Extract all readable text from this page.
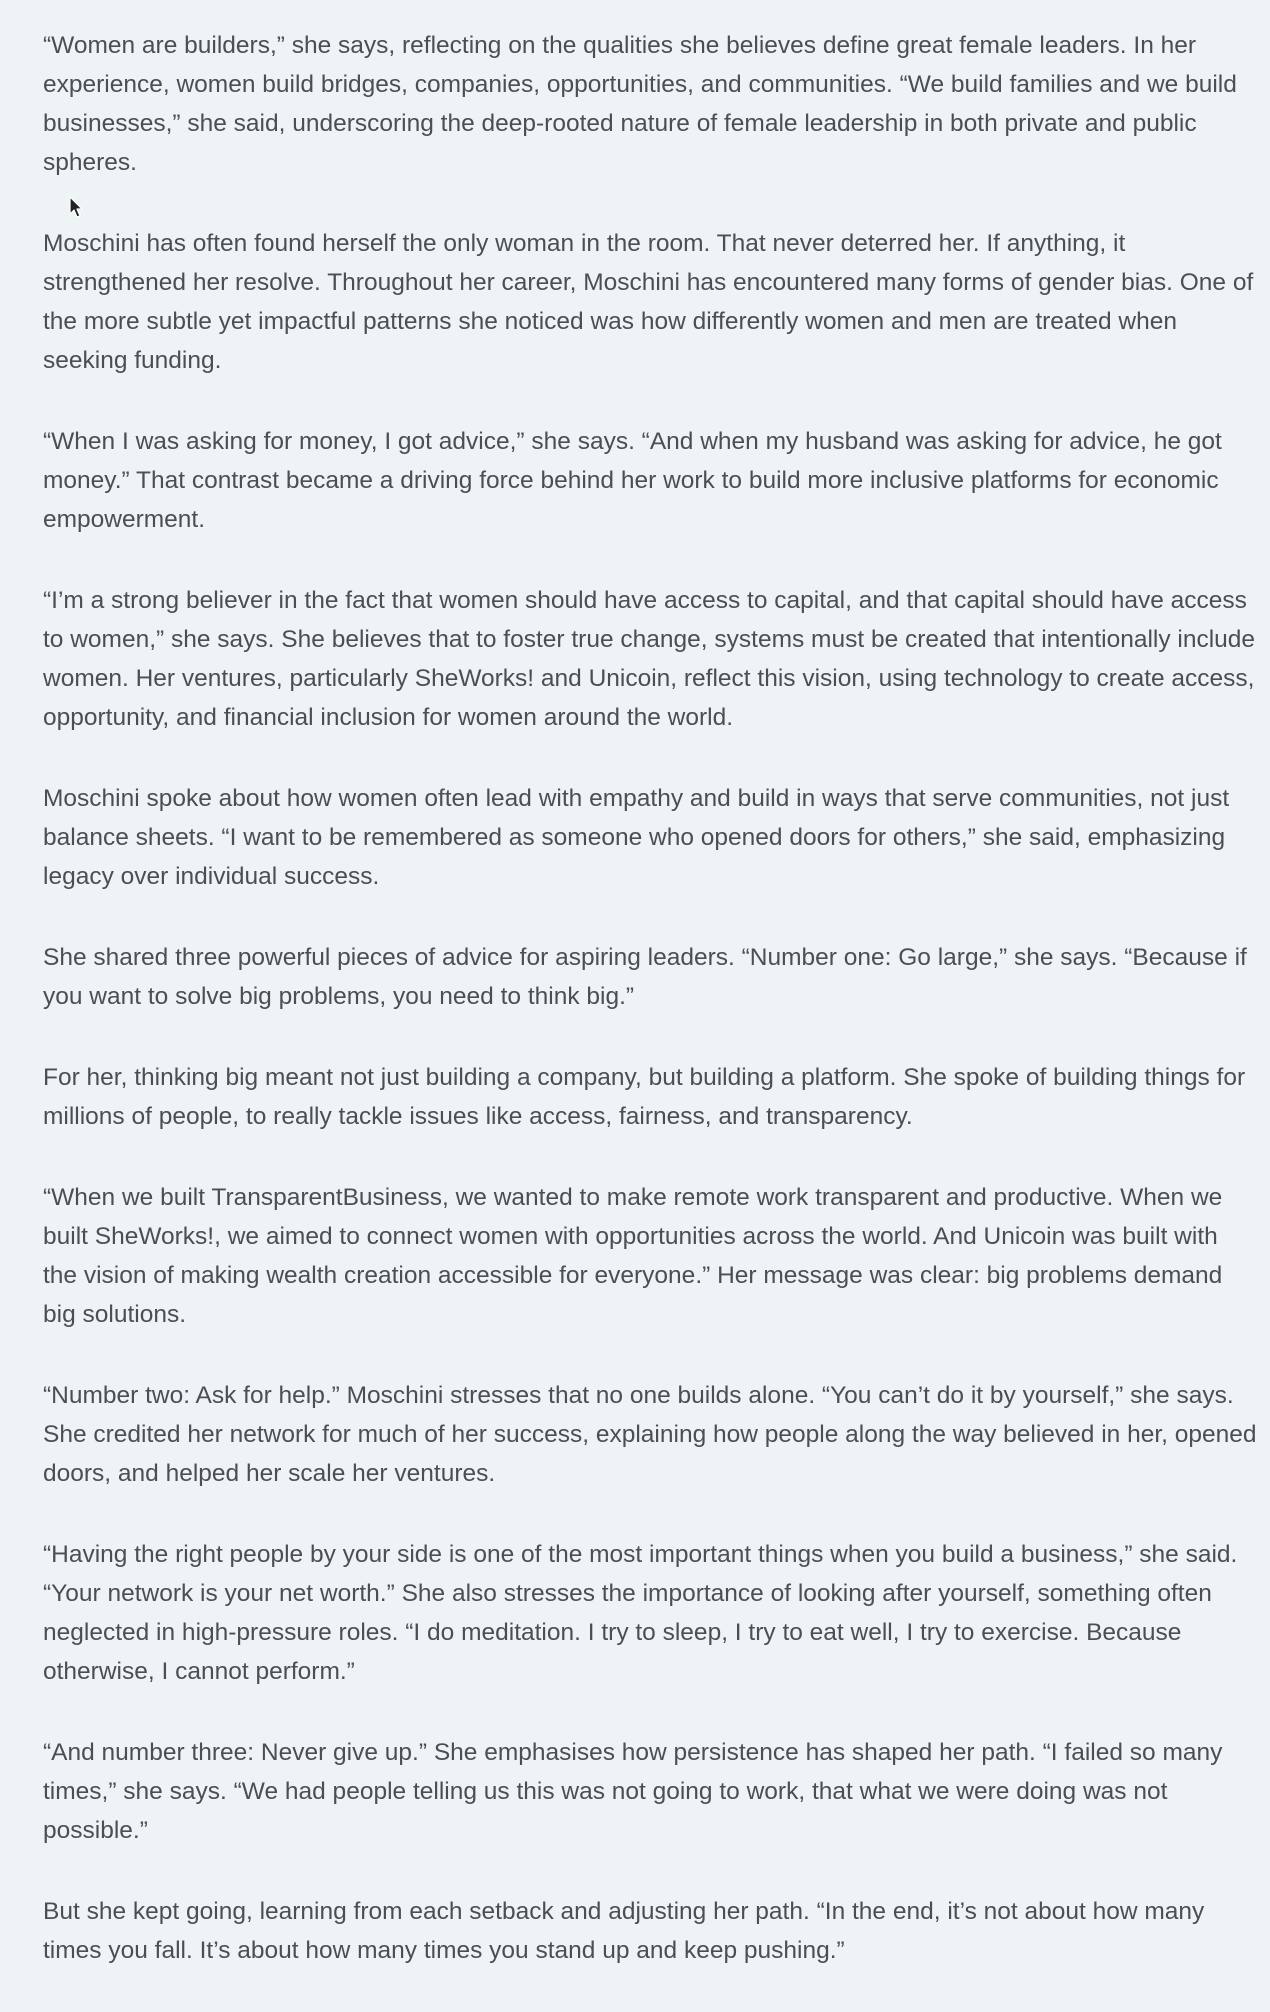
“Women are builders,” she says, reflecting on the qualities she believes define great female leaders. In her experience, women build bridges, companies, opportunities, and communities. “We build families and we build businesses,” she said, underscoring the deep-rooted nature of female leadership in both private and public spheres.

Moschini has often found herself the only woman in the room. That never deterred her. If anything, it strengthened her resolve. Throughout her career, Moschini has encountered many forms of gender bias. One of the more subtle yet impactful patterns she noticed was how differently women and men are treated when seeking funding.

“When I was asking for money, I got advice,” she says. “And when my husband was asking for advice, he got money.” That contrast became a driving force behind her work to build more inclusive platforms for economic empowerment.

“I’m a strong believer in the fact that women should have access to capital, and that capital should have access to women,” she says. She believes that to foster true change, systems must be created that intentionally include women. Her ventures, particularly SheWorks! and Unicoin, reflect this vision, using technology to create access, opportunity, and financial inclusion for women around the world.

Moschini spoke about how women often lead with empathy and build in ways that serve communities, not just balance sheets. “I want to be remembered as someone who opened doors for others,” she said, emphasizing legacy over individual success.

She shared three powerful pieces of advice for aspiring leaders. “Number one: Go large,” she says. “Because if you want to solve big problems, you need to think big.”

For her, thinking big meant not just building a company, but building a platform. She spoke of building things for millions of people, to really tackle issues like access, fairness, and transparency.

“When we built TransparentBusiness, we wanted to make remote work transparent and productive. When we built SheWorks!, we aimed to connect women with opportunities across the world. And Unicoin was built with the vision of making wealth creation accessible for everyone.” Her message was clear: big problems demand big solutions.

“Number two: Ask for help.” Moschini stresses that no one builds alone. “You can’t do it by yourself,” she says. She credited her network for much of her success, explaining how people along the way believed in her, opened doors, and helped her scale her ventures.

“Having the right people by your side is one of the most important things when you build a business,” she said. “Your network is your net worth.” She also stresses the importance of looking after yourself, something often neglected in high-pressure roles. “I do meditation. I try to sleep, I try to eat well, I try to exercise. Because otherwise, I cannot perform.”

“And number three: Never give up.” She emphasises how persistence has shaped her path. “I failed so many times,” she says. “We had people telling us this was not going to work, that what we were doing was not possible.”

But she kept going, learning from each setback and adjusting her path. “In the end, it’s not about how many times you fall. It’s about how many times you stand up and keep pushing.”
